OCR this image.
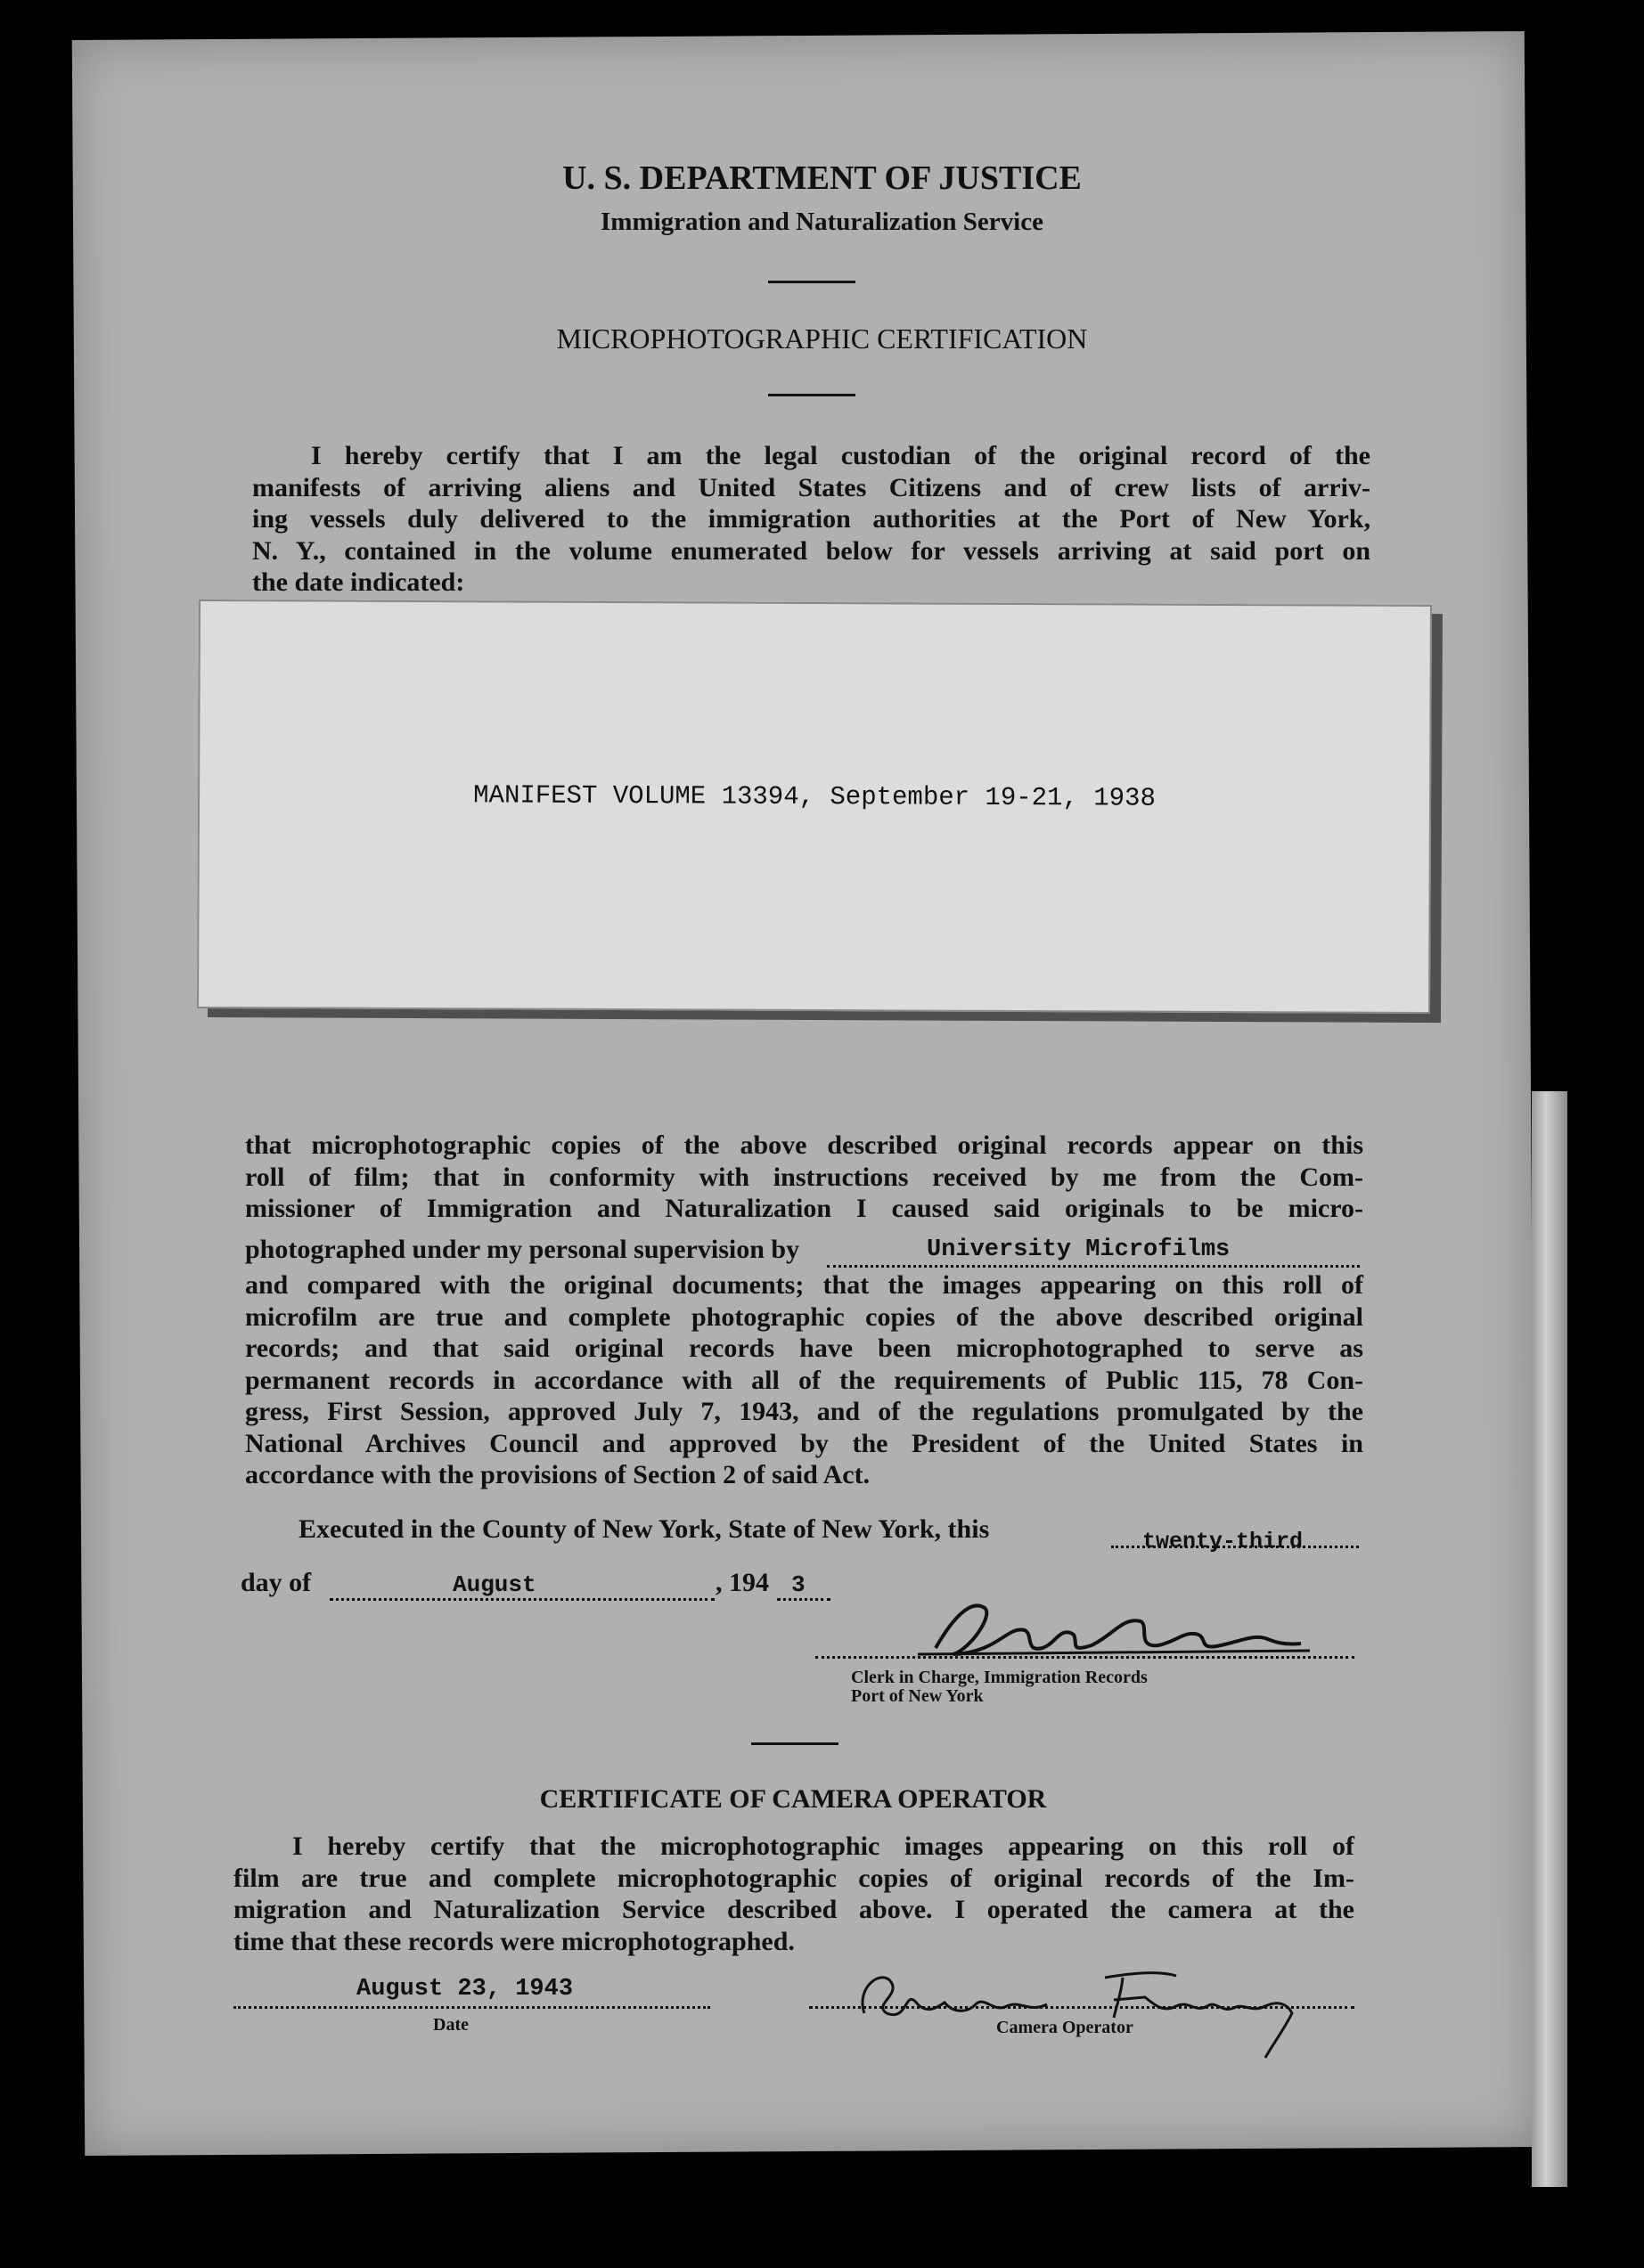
U. S. DEPARTMENT OF JUSTICE
Immigration and Naturalization Service
MICROPHOTOGRAPHIC CERTIFICATION
I hereby certify that I am the legal custodian of the original record of the
manifests of arriving aliens and United States Citizens and of crew lists of arriv-
ing vessels duly delivered to the immigration authorities at the Port of New York,
N. Y., contained in the volume enumerated below for vessels arriving at said port on
the date indicated:
MANIFEST VOLUME 13394, September 19-21, 1938
that microphotographic copies of the above described original records appear on this
roll of film; that in conformity with instructions received by me from the Com-
missioner of Immigration and Naturalization I caused said originals to be micro-
photographed under my personal supervision by	University Microfilms
and compared with the original documents; that the images appearing on this roll of
microfilm are true and complete photographic copies of the above described original
records; and that said original records have been microphotographed to serve as
permanent records in accordance with all of the requirements of Public 115, 78 Con-
gress, First Session, approved July 7, 1943, and of the regulations promulgated by the
National Archives Council and approved by the President of the United States in
accordance with the provisions of Section 2 of said Act.
Executed in the County of New York, State of New York, this	twenty-third
day of	August	, 194 3
Clerk in Charge, Immigration Records
Port of New York
CERTIFICATE OF CAMERA OPERATOR
I hereby certify that the microphotographic images appearing on this roll of
film are true and complete microphotographic copies of original records of the Im-
migration and Naturalization Service described above. I operated the camera at the
time that these records were microphotographed.
August 23, 1943
Date	Camera Operator
